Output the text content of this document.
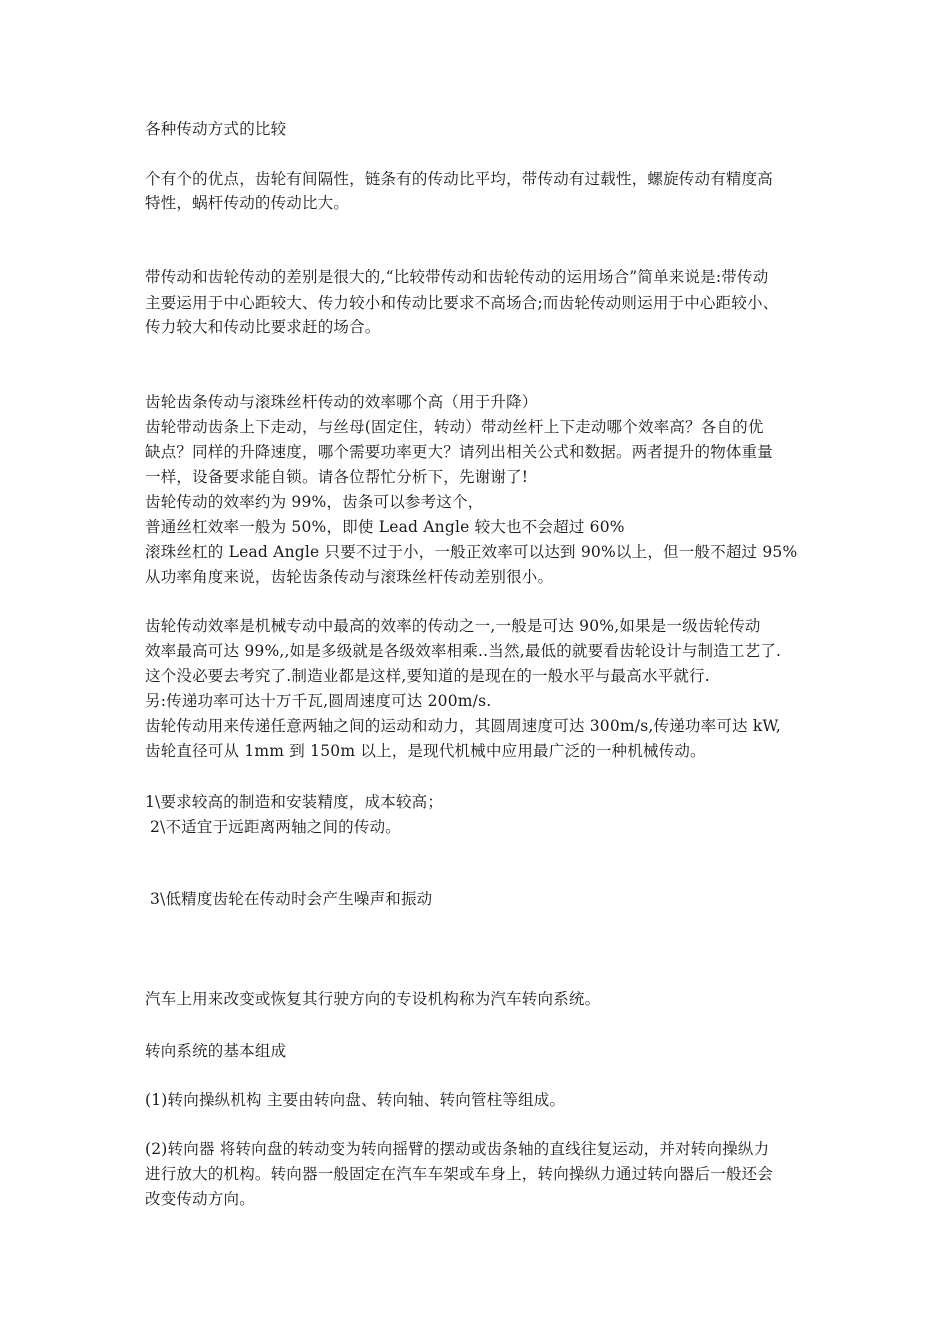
各种传动方式的比较
个有个的优点，齿轮有间隔性，链条有的传动比平均，带传动有过载性，螺旋传动有精度高
特性，蜗杆传动的传动比大。
带传动和齿轮传动的差别是很大的,“比较带传动和齿轮传动的运用场合”简单来说是:带传动
主要运用于中心距较大、传力较小和传动比要求不高场合;而齿轮传动则运用于中心距较小、
传力较大和传动比要求赶的场合。
齿轮齿条传动与滚珠丝杆传动的效率哪个高（用于升降）
齿轮带动齿条上下走动，与丝母(固定住，转动）带动丝杆上下走动哪个效率高？各自的优
缺点？同样的升降速度，哪个需要功率更大？请列出相关公式和数据。两者提升的物体重量
一样，设备要求能自锁。请各位帮忙分析下，先谢谢了!
齿轮传动的效率约为 99%，齿条可以参考这个，
普通丝杠效率一般为 50%，即使 Lead Angle 较大也不会超过 60%
滚珠丝杠的 Lead Angle 只要不过于小，一般正效率可以达到 90%以上，但一般不超过 95%
从功率角度来说，齿轮齿条传动与滚珠丝杆传动差别很小。
齿轮传动效率是机械专动中最高的效率的传动之一,一般是可达 90%,如果是一级齿轮传动
效率最高可达 99%,,如是多级就是各级效率相乘..当然,最低的就要看齿轮设计与制造工艺了.
这个没必要去考究了.制造业都是这样,要知道的是现在的一般水平与最高水平就行.
另:传递功率可达十万千瓦,圆周速度可达 200m/s.
齿轮传动用来传递任意两轴之间的运动和动力，其圆周速度可达 300m/s,传递功率可达 kW,
齿轮直径可从 1mm 到 150m 以上，是现代机械中应用最广泛的一种机械传动。
1\要求较高的制造和安装精度，成本较高；
2\不适宜于远距离两轴之间的传动。
3\低精度齿轮在传动时会产生噪声和振动
汽车上用来改变或恢复其行驶方向的专设机构称为汽车转向系统。
转向系统的基本组成
(1)转向操纵机构 主要由转向盘、转向轴、转向管柱等组成。
(2)转向器 将转向盘的转动变为转向摇臂的摆动或齿条轴的直线往复运动，并对转向操纵力
进行放大的机构。转向器一般固定在汽车车架或车身上，转向操纵力通过转向器后一般还会
改变传动方向。
